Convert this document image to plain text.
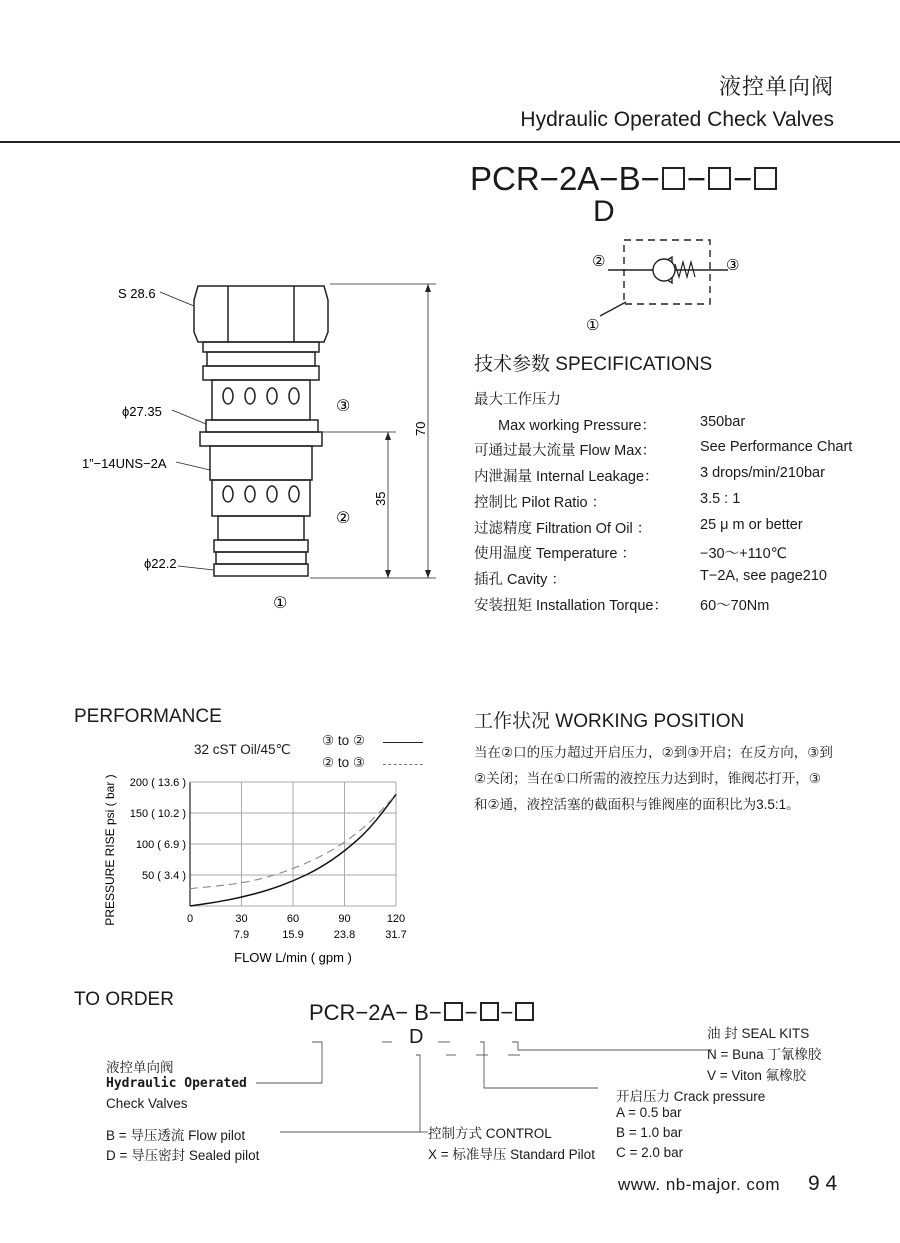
液控单向阀
Hydraulic Operated Check Valves
PCR−2A−B− − −
D
②	③
①
S 28.6
ϕ27.35
1”−14UNS−2A
ϕ22.2
③
②
①
70
35
技术参数 SPECIFICATIONS
最大工作压力
Max working Pressure：	350bar
可通过最大流量 Flow Max：	See Performance Chart
内泄漏量 Internal Leakage：	3 drops/min/210bar
控制比 Pilot Ratio ：	3.5 : 1
过滤精度 Filtration Of Oil ：	25 μ m or better
使用温度 Temperature ：	−30～+110℃
插孔 Cavity ：	T−2A, see page210
安装扭矩 Installation Torque： 60～70Nm
PERFORMANCE
32 cST Oil/45℃
③ to ②
② to ③
50 ( 3.4 )
100 ( 6.9 )
150 ( 10.2 )
200 ( 13.6 )
0	30	60	90	120
7.9	15.9	23.8	31.7
FLOW L/min ( gpm )
PRESSURE RISE psi ( bar )
工作状况 WORKING POSITION
当在②口的压力超过开启压力，②到③开启；在反方向，③到②关闭；当在①口所需的液控压力达到时，锥阀芯打开，③和②通，液控活塞的截面积与锥阀座的面积比为3.5:1。
TO ORDER
PCR−2A− B− − −
D
液控单向阀
Hydraulic Operated
Check Valves
B = 导压透流 Flow pilot
D = 导压密封 Sealed pilot
控制方式 CONTROL
X = 标准导压 Standard Pilot
开启压力 Crack pressure
A = 0.5 bar
B = 1.0 bar
C = 2.0 bar
油 封 SEAL KITS
N = Buna 丁氰橡胶
V = Viton 氟橡胶
www. nb-major. com 9 4
